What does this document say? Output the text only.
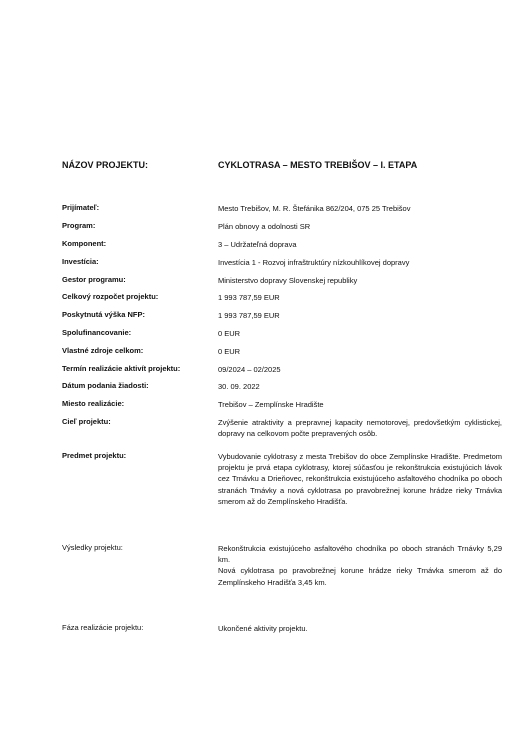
NÁZOV PROJEKTU:	CYKLOTRASA – MESTO TREBIŠOV – I. ETAPA
Prijímateľ:	Mesto Trebišov, M. R. Štefánika 862/204, 075 25 Trebišov
Program:	Plán obnovy a odolnosti SR
Komponent:	3 – Udržateľná doprava
Investícia:	Investícia 1 - Rozvoj infraštruktúry nízkouhlíkovej dopravy
Gestor programu:	Ministerstvo dopravy Slovenskej republiky
Celkový rozpočet projektu:	1 993 787,59 EUR
Poskytnutá výška NFP:	1 993 787,59 EUR
Spolufinancovanie:	0 EUR
Vlastné zdroje celkom:	0 EUR
Termín realizácie aktivít projektu:	09/2024 – 02/2025
Dátum podania žiadosti:	30. 09. 2022
Miesto realizácie:	Trebišov – Zemplínske Hradište
Cieľ projektu:	Zvýšenie atraktivity a prepravnej kapacity nemotorovej, predovšetkým cyklistickej, dopravy na celkovom počte prepravených osôb.
Predmet projektu:	Vybudovanie cyklotrasy z mesta Trebišov do obce Zemplínske Hradište. Predmetom projektu je prvá etapa cyklotrasy, ktorej súčasťou je rekonštrukcia existujúcich lávok cez Trnávku a Drieňovec, rekonštrukcia existujúceho asfaltového chodníka po oboch stranách Trnávky a nová cyklotrasa po pravobrežnej korune hrádze rieky Trnávka smerom až do Zemplínskeho Hradišťa.
Výsledky projektu:	Rekonštrukcia existujúceho asfaltového chodníka po oboch stranách Trnávky 5,29 km.
Nová cyklotrasa po pravobrežnej korune hrádze rieky Trnávka smerom až do Zemplínskeho Hradišťa 3,45 km.
Fáza realizácie projektu:	Ukončené aktivity projektu.
